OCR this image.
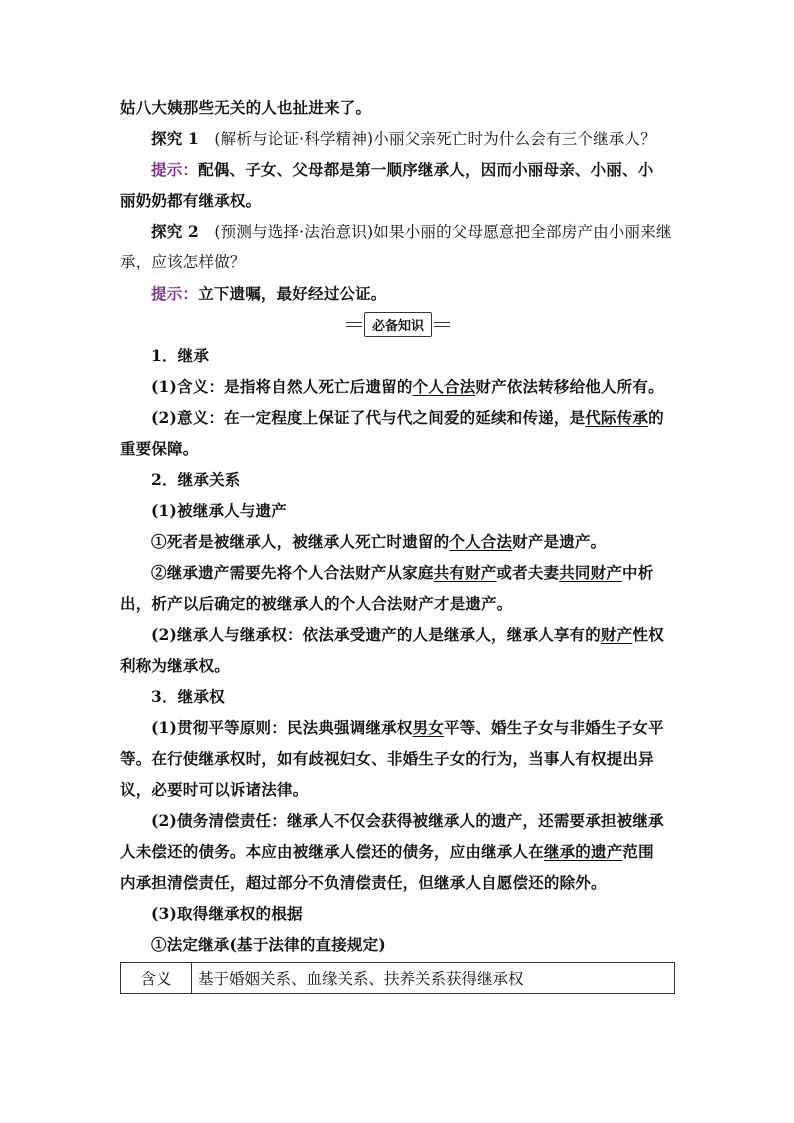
姑八大姨那些无关的人也扯进来了。
探究 1 (解析与论证·科学精神)小丽父亲死亡时为什么会有三个继承人？
提示：配偶、子女、父母都是第一顺序继承人，因而小丽母亲、小丽、小
丽奶奶都有继承权。
探究 2 (预测与选择·法治意识)如果小丽的父母愿意把全部房产由小丽来继
承，应该怎样做？
提示：立下遗嘱，最好经过公证。
必备知识
1．继承
(1)含义：是指将自然人死亡后遗留的个人合法财产依法转移给他人所有。
(2)意义：在一定程度上保证了代与代之间爱的延续和传递，是代际传承的
重要保障。
2．继承关系
(1)被继承人与遗产
①死者是被继承人，被继承人死亡时遗留的个人合法财产是遗产。
②继承遗产需要先将个人合法财产从家庭共有财产或者夫妻共同财产中析
出，析产以后确定的被继承人的个人合法财产才是遗产。
(2)继承人与继承权：依法承受遗产的人是继承人，继承人享有的财产性权
利称为继承权。
3．继承权
(1)贯彻平等原则：民法典强调继承权男女平等、婚生子女与非婚生子女平
等。在行使继承权时，如有歧视妇女、非婚生子女的行为，当事人有权提出异
议，必要时可以诉诸法律。
(2)债务清偿责任：继承人不仅会获得被继承人的遗产，还需要承担被继承
人未偿还的债务。本应由被继承人偿还的债务，应由继承人在继承的遗产范围
内承担清偿责任，超过部分不负清偿责任，但继承人自愿偿还的除外。
(3)取得继承权的根据
①法定继承(基于法律的直接规定)
含义	基于婚姻关系、血缘关系、扶养关系获得继承权
